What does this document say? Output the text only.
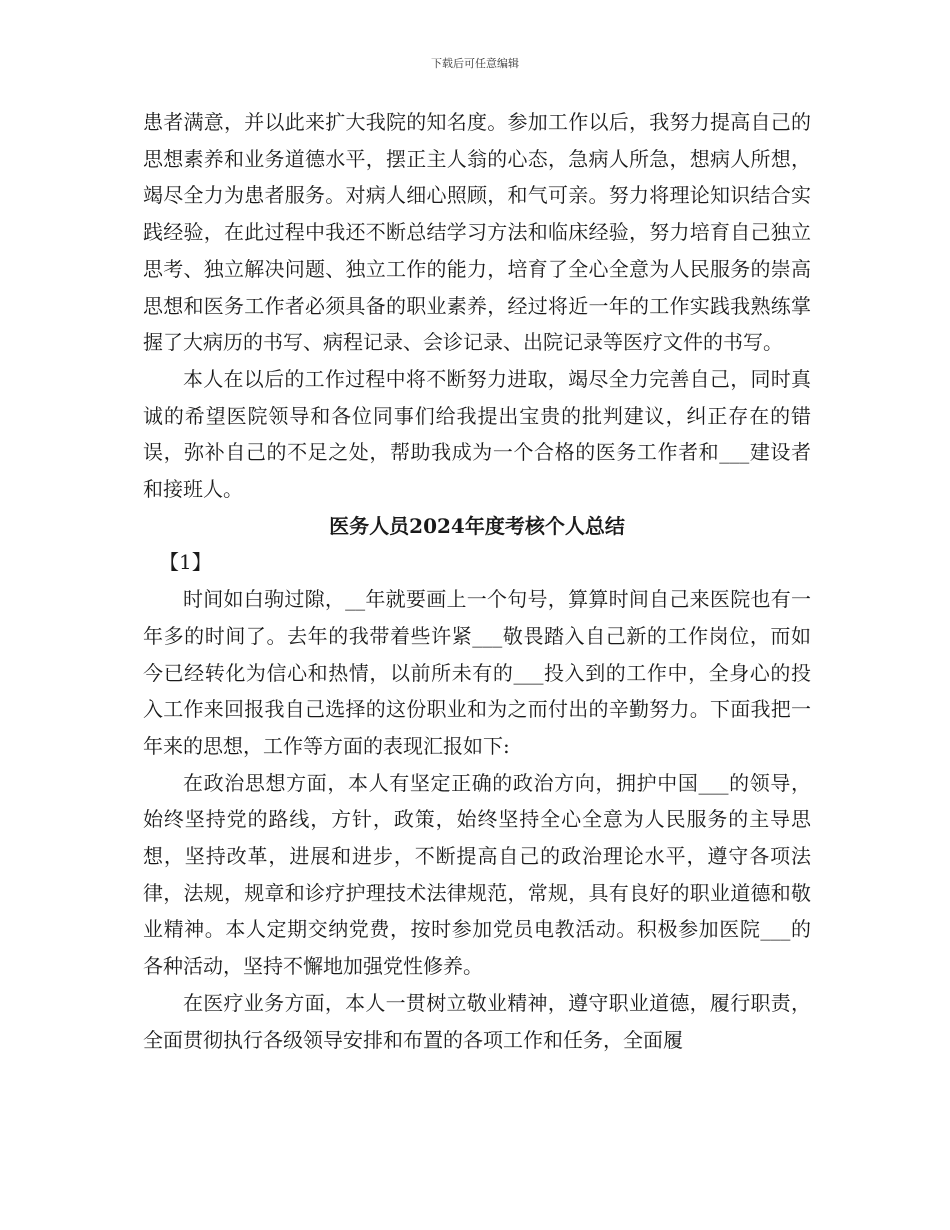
下载后可任意编辑

患者满意，并以此来扩大我院的知名度。参加工作以后，我努力提高自己的思想素养和业务道德水平，摆正主人翁的心态，急病人所急，想病人所想，竭尽全力为患者服务。对病人细心照顾，和气可亲。努力将理论知识结合实践经验，在此过程中我还不断总结学习方法和临床经验，努力培育自己独立思考、独立解决问题、独立工作的能力，培育了全心全意为人民服务的崇高思想和医务工作者必须具备的职业素养，经过将近一年的工作实践我熟练掌握了大病历的书写、病程记录、会诊记录、出院记录等医疗文件的书写。

本人在以后的工作过程中将不断努力进取，竭尽全力完善自己，同时真诚的希望医院领导和各位同事们给我提出宝贵的批判建议，纠正存在的错误，弥补自己的不足之处，帮助我成为一个合格的医务工作者和___建设者和接班人。

医务人员2024年度考核个人总结

【1】

时间如白驹过隙，__年就要画上一个句号，算算时间自己来医院也有一年多的时间了。去年的我带着些许紧___敬畏踏入自己新的工作岗位，而如今已经转化为信心和热情，以前所未有的___投入到的工作中，全身心的投入工作来回报我自己选择的这份职业和为之而付出的辛勤努力。下面我把一年来的思想，工作等方面的表现汇报如下:

在政治思想方面，本人有坚定正确的政治方向，拥护中国___的领导，始终坚持党的路线，方针，政策，始终坚持全心全意为人民服务的主导思想，坚持改革，进展和进步，不断提高自己的政治理论水平，遵守各项法律，法规，规章和诊疗护理技术法律规范，常规，具有良好的职业道德和敬业精神。本人定期交纳党费，按时参加党员电教活动。积极参加医院___的各种活动，坚持不懈地加强党性修养。

在医疗业务方面，本人一贯树立敬业精神，遵守职业道德，履行职责，全面贯彻执行各级领导安排和布置的各项工作和任务，全面履
